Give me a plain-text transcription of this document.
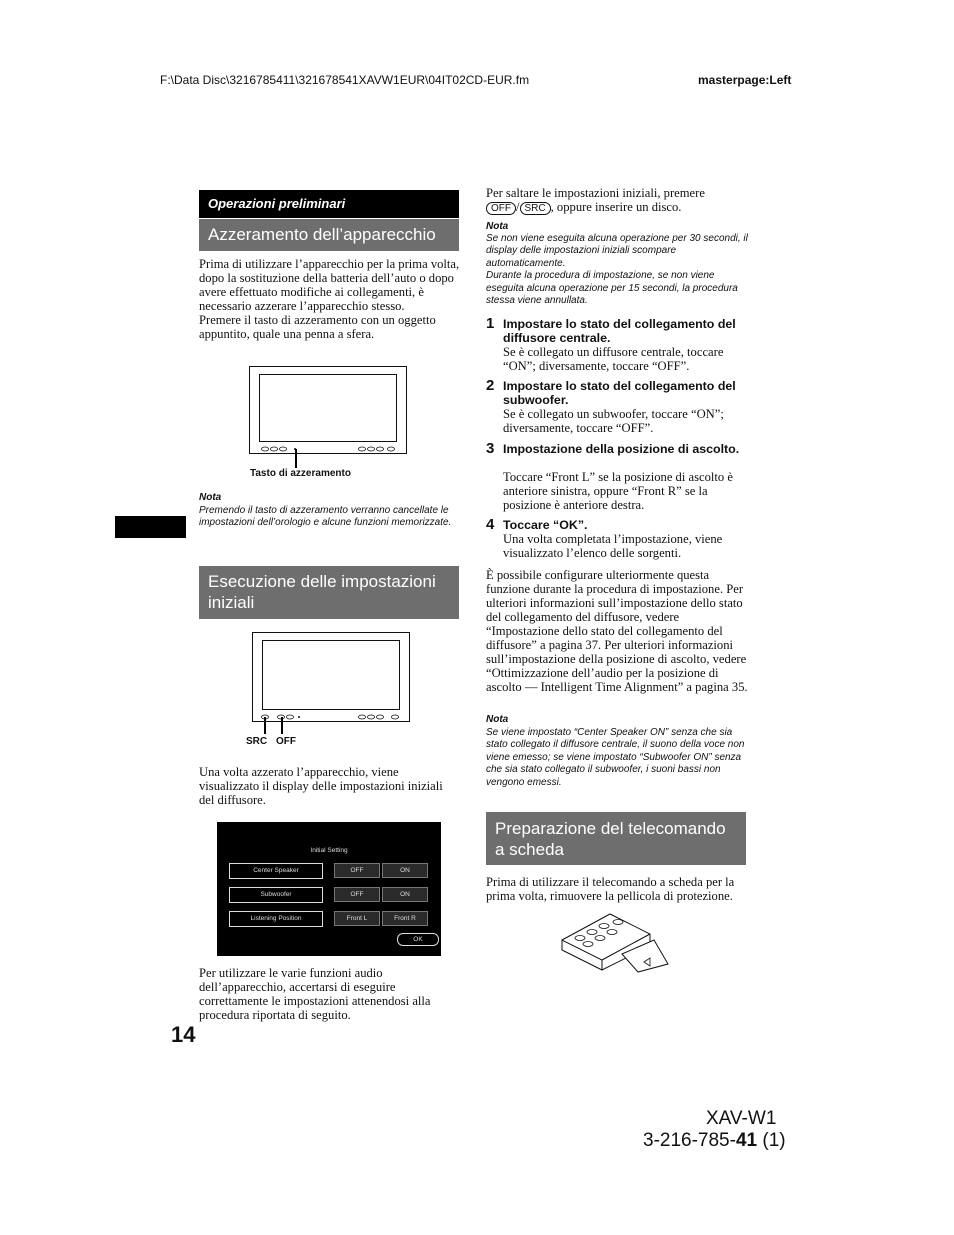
F:\Data Disc\3216785411\321678541XAVW1EUR\04IT02CD-EUR.fm	masterpage:Left
Operazioni preliminari
Azzeramento dell’apparecchio
Prima di utilizzare l’apparecchio per la prima volta, dopo la sostituzione della batteria dell’auto o dopo avere effettuato modifiche ai collegamenti, è necessario azzerare l’apparecchio stesso.
Premere il tasto di azzeramento con un oggetto appuntito, quale una penna a sfera.
Tasto di azzeramento
Nota
Premendo il tasto di azzeramento verranno cancellate le impostazioni dell’orologio e alcune funzioni memorizzate.
Esecuzione delle impostazioni iniziali
SRC OFF
Una volta azzerato l’apparecchio, viene visualizzato il display delle impostazioni iniziali del diffusore.
Initial Setting
Center Speaker	OFF	ON
Subwoofer	OFF	ON
Listening Position	Front L	Front R
OK
Per utilizzare le varie funzioni audio dell’apparecchio, accertarsi di eseguire correttamente le impostazioni attenendosi alla procedura riportata di seguito.
14
Per saltare le impostazioni iniziali, premere
OFF / SRC , oppure inserire un disco.
Nota
Se non viene eseguita alcuna operazione per 30 secondi, il display delle impostazioni iniziali scompare automaticamente.
Durante la procedura di impostazione, se non viene eseguita alcuna operazione per 15 secondi, la procedura stessa viene annullata.
1 Impostare lo stato del collegamento del diffusore centrale.
Se è collegato un diffusore centrale, toccare “ON”; diversamente, toccare “OFF”.
2 Impostare lo stato del collegamento del subwoofer.
Se è collegato un subwoofer, toccare “ON”; diversamente, toccare “OFF”.
3 Impostazione della posizione di ascolto.
Toccare “Front L” se la posizione di ascolto è anteriore sinistra, oppure “Front R” se la posizione è anteriore destra.
4 Toccare “OK”.
Una volta completata l’impostazione, viene visualizzato l’elenco delle sorgenti.
È possibile configurare ulteriormente questa funzione durante la procedura di impostazione. Per ulteriori informazioni sull’impostazione dello stato del collegamento del diffusore, vedere “Impostazione dello stato del collegamento del diffusore” a pagina 37. Per ulteriori informazioni sull’impostazione della posizione di ascolto, vedere “Ottimizzazione dell’audio per la posizione di ascolto — Intelligent Time Alignment” a pagina 35.
Nota
Se viene impostato “Center Speaker ON” senza che sia stato collegato il diffusore centrale, il suono della voce non viene emesso; se viene impostato “Subwoofer ON” senza che sia stato collegato il subwoofer, i suoni bassi non vengono emessi.
Preparazione del telecomando a scheda
Prima di utilizzare il telecomando a scheda per la prima volta, rimuovere la pellicola di protezione.
XAV-W1
3-216-785-41 (1)
